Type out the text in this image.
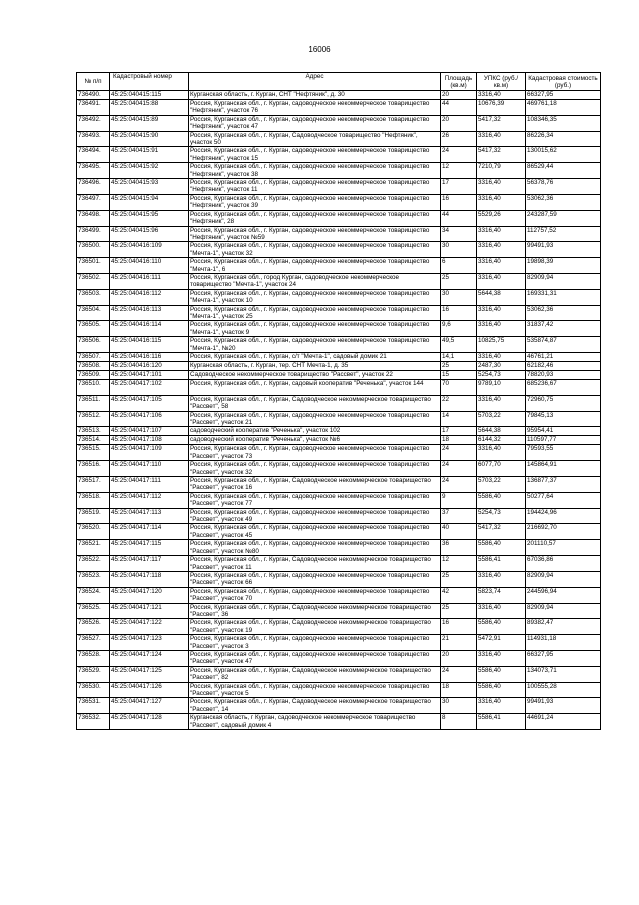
16006
№ п/п	Кадастровый номер	Адрес	Площадь (кв.м)	УПКС (руб./кв.м)	Кадастровая стоимость (руб.)
736490.	45:25:040415:115	Курганская область, г. Курган, СНТ "Нефтяник", д. 30	20	3316,40	66327,95
736491.	45:25:040415:88	Россия, Курганская обл., г. Курган, садоводческое некоммерческое товарищество "Нефтяник", участок 76	44	10676,39	469761,18
736492.	45:25:040415:89	Россия, Курганская обл., г. Курган, садоводческое некоммерческое товарищество "Нефтяник", участок 47	20	5417,32	108346,35
736493.	45:25:040415:90	Россия, Курганская обл., г. Курган, Садоводческое товарищество "Нефтяник", участок 50	26	3316,40	86226,34
736494.	45:25:040415:91	Россия, Курганская обл., г. Курган, садоводческое некоммерческое товарищество "Нефтяник", участок 15	24	5417,32	130015,62
736495.	45:25:040415:92	Россия, Курганская обл., г. Курган, садоводческое некоммерческое товарищество "Нефтяник", участок 38	12	7210,79	86529,44
736496.	45:25:040415:93	Россия, Курганская обл., г. Курган, садоводческое некоммерческое товарищество "Нефтяник", участок 11	17	3316,40	56378,76
736497.	45:25:040415:94	Россия, Курганская обл., г. Курган, садоводческое некоммерческое товарищество "Нефтяник", участок 39	16	3316,40	53062,36
736498.	45:25:040415:95	Россия, Курганская обл., г. Курган, садоводческое некоммерческое товарищество "Нефтяник", 28	44	5529,26	243287,59
736499.	45:25:040415:96	Россия, Курганская обл., г. Курган, садоводческое некоммерческое товарищество "Нефтяник", участок №59	34	3316,40	112757,52
736500.	45:25:040416:109	Россия, Курганская обл., г. Курган, садоводческое некоммерческое товарищество "Мечта-1", участок 32	30	3316,40	99491,93
736501.	45:25:040416:110	Россия, Курганская обл., г. Курган, садоводческое некоммерческое товарищество "Мечта-1", 6	6	3316,40	19898,39
736502.	45:25:040416:111	Россия, Курганская обл., город Курган, садоводческое некоммерческое товарищество "Мечта-1", участок 24	25	3316,40	82909,94
736503.	45:25:040416:112	Россия, Курганская обл., г. Курган, садоводческое некоммерческое товарищество "Мечта-1", участок 10	30	5644,38	169331,31
736504.	45:25:040416:113	Россия, Курганская обл., г. Курган, садоводческое некоммерческое товарищество "Мечта-1", участок 25	16	3316,40	53062,36
736505.	45:25:040416:114	Россия, Курганская обл., г. Курган, садоводческое некоммерческое товарищество "Мечта-1", участок 9	9,6	3316,40	31837,42
736506.	45:25:040416:115	Россия, Курганская обл., г. Курган, садоводческое некоммерческое товарищество "Мечта-1", №20	49,5	10825,75	535874,87
736507.	45:25:040416:116	Россия, Курганская обл., г. Курган, с/т "Мечта-1", садовый домик 21	14,1	3316,40	46761,21
736508.	45:25:040416:120	Курганская область, г. Курган, тер. СНТ Мечта-1, д. 35	25	2487,30	62182,46
736509.	45:25:040417:101	Садоводческое некоммерческое товарищество "Рассвет", участок 22	15	5254,73	78820,93
736510.	45:25:040417:102	Россия, Курганская обл., г. Курган, садовый кооператив "Реченька", участок 144	70	9789,10	685236,67
736511.	45:25:040417:105	Россия, Курганская обл., г. Курган, Садоводческое некоммерческое товарищество "Рассвет", 58	22	3316,40	72960,75
736512.	45:25:040417:106	Россия, Курганская обл., г. Курган, садоводческое некоммерческое товарищество "Рассвет", участок 21	14	5703,22	79845,13
736513.	45:25:040417:107	садоводческий кооператив "Реченька", участок 102	17	5644,38	95954,41
736514.	45:25:040417:108	садоводческий кооператив "Реченька", участок №6	18	6144,32	110597,77
736515.	45:25:040417:109	Россия, Курганская обл., г. Курган, садоводческое некоммерческое товарищество "Рассвет", участок 73	24	3316,40	79593,55
736516.	45:25:040417:110	Россия, Курганская обл., г. Курган, садоводческое некоммерческое товарищество "Рассвет", участок 32	24	6077,70	145864,91
736517.	45:25:040417:111	Россия, Курганская обл., г. Курган, Садоводческое некоммерческое товарищество "Рассвет", участок 16	24	5703,22	136877,37
736518.	45:25:040417:112	Россия, Курганская обл., г. Курган, садоводческое некоммерческое товарищество "Рассвет", участок 77	9	5586,40	50277,64
736519.	45:25:040417:113	Россия, Курганская обл., г. Курган, садоводческое некоммерческое товарищество "Рассвет", участок 49	37	5254,73	194424,96
736520.	45:25:040417:114	Россия, Курганская обл., г. Курган, садоводческое некоммерческое товарищество "Рассвет", участок 45	40	5417,32	216692,70
736521.	45:25:040417:115	Россия, Курганская обл., г. Курган, садоводческое некоммерческое товарищество "Рассвет", участок №80	36	5586,40	201110,57
736522.	45:25:040417:117	Россия, Курганская обл., г. Курган, Садоводческое некоммерческое товарищество "Рассвет", участок 11	12	5586,41	67036,86
736523.	45:25:040417:118	Россия, Курганская обл., г. Курган, садоводческое некоммерческое товарищество "Рассвет", участок 66	25	3316,40	82909,94
736524.	45:25:040417:120	Россия, Курганская обл., г. Курган, садоводческое некоммерческое товарищество "Рассвет", участок 70	42	5823,74	244596,94
736525.	45:25:040417:121	Россия, Курганская обл., г. Курган, Садоводческое некоммерческое товарищество "Рассвет", 36	25	3316,40	82909,94
736526.	45:25:040417:122	Россия, Курганская обл., г. Курган, Садоводческое некоммерческое товарищество "Рассвет", участок 19	16	5586,40	89382,47
736527.	45:25:040417:123	Россия, Курганская обл., г. Курган, садоводческое некоммерческое товарищество "Рассвет", участок 3	21	5472,91	114931,18
736528.	45:25:040417:124	Россия, Курганская обл., г. Курган, садоводческое некоммерческое товарищество "Рассвет", участок 47	20	3316,40	66327,95
736529.	45:25:040417:125	Россия, Курганская обл., г. Курган, Садоводческое некоммерческое товарищество "Рассвет", 82	24	5586,40	134073,71
736530.	45:25:040417:126	Россия, Курганская обл., г. Курган, садоводческое некоммерческое товарищество "Рассвет", участок 5	18	5586,40	100555,28
736531.	45:25:040417:127	Россия, Курганская обл., г. Курган, Садоводческое некоммерческое товарищество "Рассвет", 14	30	3316,40	99491,93
736532.	45:25:040417:128	Курганская область, г Курган, садоводческое некоммерческое товарищество "Рассвет", садовый домик 4	8	5586,41	44691,24
